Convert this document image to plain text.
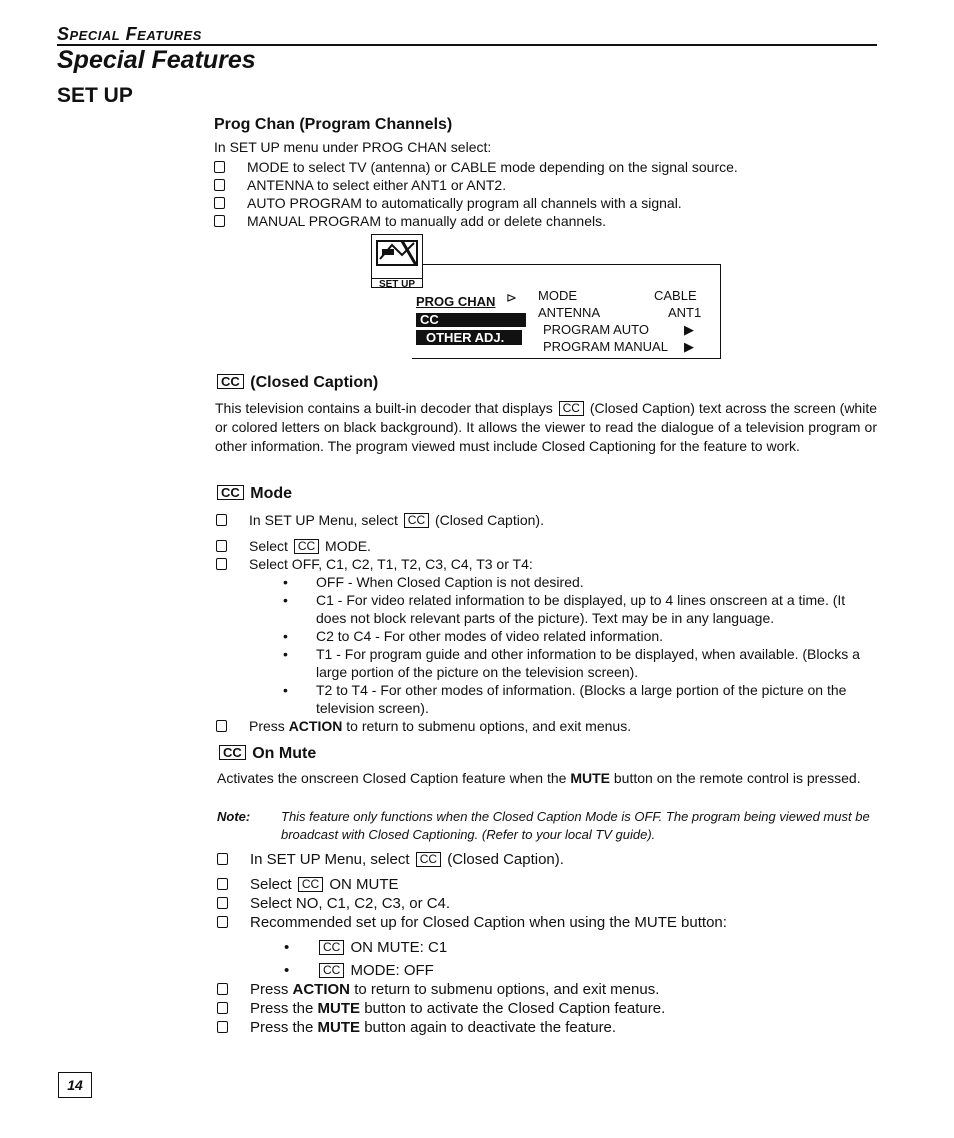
Special Features
Special Features
SET UP
Prog Chan (Program Channels)
In SET UP menu under PROG CHAN select:
MODE to select TV (antenna) or CABLE mode depending on the signal source.
ANTENNA to select either ANT1 or ANT2.
AUTO PROGRAM to automatically program all channels with a signal.
MANUAL PROGRAM to manually add or delete channels.
SET UP
PROG CHAN ⊳
CC
OTHER ADJ.
MODE	CABLE
ANTENNA	ANT1
PROGRAM AUTO	▶
PROGRAM MANUAL ▶
CC (Closed Caption)
This television contains a built-in decoder that displays CC (Closed Caption) text across the screen (white or colored letters on black background). It allows the viewer to read the dialogue of a television program or other information. The program viewed must include Closed Captioning for the feature to work.
CC Mode
In SET UP Menu, select CC (Closed Caption).
Select CC MODE.
Select OFF, C1, C2, T1, T2, C3, C4, T3 or T4:
• OFF - When Closed Caption is not desired.
• C1 - For video related information to be displayed, up to 4 lines onscreen at a time. (It does not block relevant parts of the picture). Text may be in any language.
• C2 to C4 - For other modes of video related information.
• T1 - For program guide and other information to be displayed, when available. (Blocks a large portion of the picture on the television screen).
• T2 to T4 - For other modes of information. (Blocks a large portion of the picture on the television screen).
Press ACTION to return to submenu options, and exit menus.
CC On Mute
Activates the onscreen Closed Caption feature when the MUTE button on the remote control is pressed.
Note:	This feature only functions when the Closed Caption Mode is OFF. The program being viewed must be broadcast with Closed Captioning. (Refer to your local TV guide).
In SET UP Menu, select CC (Closed Caption).
Select CC ON MUTE
Select NO, C1, C2, C3, or C4.
Recommended set up for Closed Caption when using the MUTE button:
•	CC ON MUTE: C1
•	CC MODE: OFF
Press ACTION to return to submenu options, and exit menus.
Press the MUTE button to activate the Closed Caption feature.
Press the MUTE button again to deactivate the feature.
14
